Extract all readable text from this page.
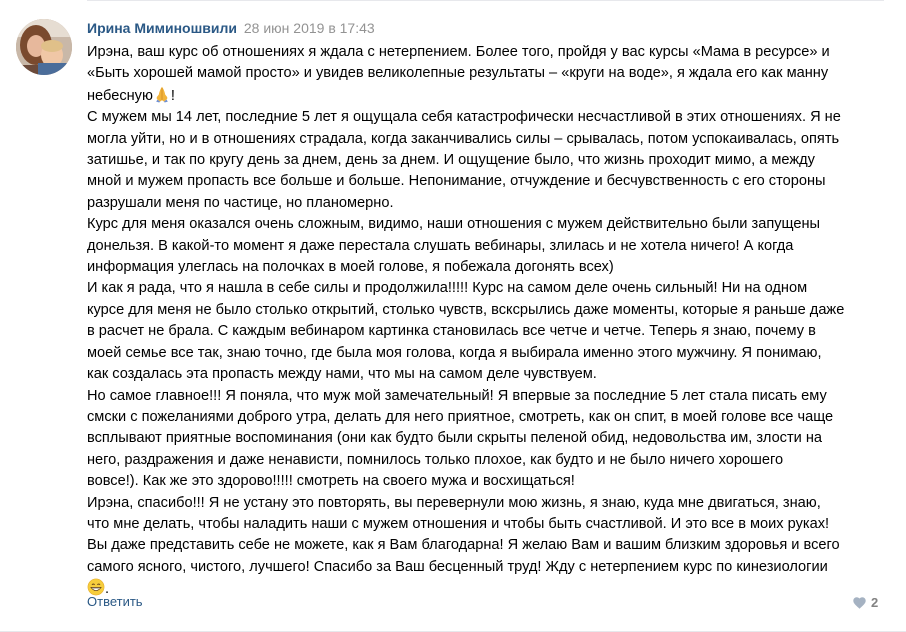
Ирина Миминошвили 28 июн 2019 в 17:43

Ирэна, ваш курс об отношениях я ждала с нетерпением. Более того, пройдя у вас курсы «Мама в ресурсе» и

«Быть хорошей мамой просто» и увидев великолепные результаты – «круги на воде», я ждала его как манну

небесную !

С мужем мы 14 лет, последние 5 лет я ощущала себя катастрофически несчастливой в этих отношениях. Я не

могла уйти, но и в отношениях страдала, когда заканчивались силы – срывалась, потом успокаивалась, опять

затишье, и так по кругу день за днем, день за днем. И ощущение было, что жизнь проходит мимо, а между

мной и мужем пропасть все больше и больше. Непонимание, отчуждение и бесчувственность с его стороны

разрушали меня по частице, но планомерно.

Курс для меня оказался очень сложным, видимо, наши отношения с мужем действительно были запущены

донельзя. В какой-то момент я даже перестала слушать вебинары, злилась и не хотела ничего! А когда

информация улеглась на полочках в моей голове, я побежала догонять всех)

И как я рада, что я нашла в себе силы и продолжила!!!!! Курс на самом деле очень сильный! Ни на одном

курсе для меня не было столько открытий, столько чувств, всксрылись даже моменты, которые я раньше даже

в расчет не брала. С каждым вебинаром картинка становилась все четче и четче. Теперь я знаю, почему в

моей семье все так, знаю точно, где была моя голова, когда я выбирала именно этого мужчину. Я понимаю,

как создалась эта пропасть между нами, что мы на самом деле чувствуем.

Но самое главное!!! Я поняла, что муж мой замечательный! Я впервые за последние 5 лет стала писать ему

смски с пожеланиями доброго утра, делать для него приятное, смотреть, как он спит, в моей голове все чаще

всплывают приятные воспоминания (они как будто были скрыты пеленой обид, недовольства им, злости на

него, раздражения и даже ненависти, помнилось только плохое, как будто и не было ничего хорошего

вовсе!). Как же это здорово!!!!! смотреть на своего мужа и восхищаться!

Ирэна, спасибо!!! Я не устану это повторять, вы перевернули мою жизнь, я знаю, куда мне двигаться, знаю,

что мне делать, чтобы наладить наши с мужем отношения и чтобы быть счастливой. И это все в моих руках!

Вы даже представить себе не можете, как я Вам благодарна! Я желаю Вам и вашим близким здоровья и всего

самого ясного, чистого, лучшего! Спасибо за Ваш бесценный труд! Жду с нетерпением курс по кинезиологии

.

Ответить	2
